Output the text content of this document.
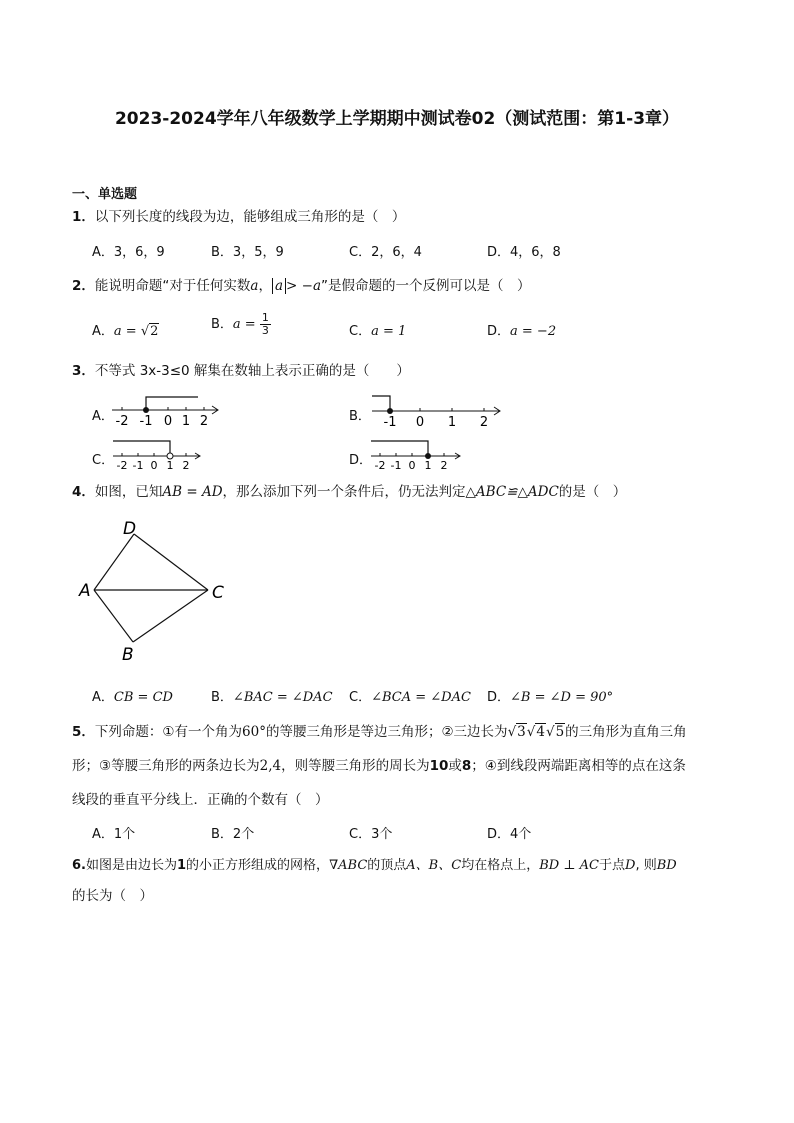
2023-2024学年八年级数学上学期期中测试卷02（测试范围：第1-3章）
一、单选题
1．以下列长度的线段为边，能够组成三角形的是（　）
A．3，6，9	B．3，5，9	C．2，6，4	D．4，6，8
2．能说明命题“对于任何实数a， a > −a”是假命题的一个反例可以是（　）
A．a = √2	B．$a = \frac{1}{3}$	C．a = 1	D．a = −2
3．不等式 3x-3≤0 解集在数轴上表示正确的是（　　）
A． -2 -1 0 1 2	B． -1 0 1 2
C． -2 -1 0 1 2	D． -2 -1 0 1 2
4．如图，已知AB = AD，那么添加下列一个条件后，仍无法判定△ABC≌△ADC的是（　）
D
A	C
B
A．CB = CD	B．∠BAC = ∠DAC C．∠BCA = ∠DAC D．∠B = ∠D = 90°
5．下列命题：①有一个角为60°的等腰三角形是等边三角形；②三边长为√3√4√5的三角形为直角三角
形；③等腰三角形的两条边长为2,4，则等腰三角形的周长为10或8；④到线段两端距离相等的点在这条
线段的垂直平分线上．正确的个数有（　）
A．1个	B．2个	C．3个	D．4个
6.如图是由边长为1的小正方形组成的网格，∇ABC的顶点A、B、C均在格点上，BD ⊥ AC于点D, 则BD
的长为（　）
